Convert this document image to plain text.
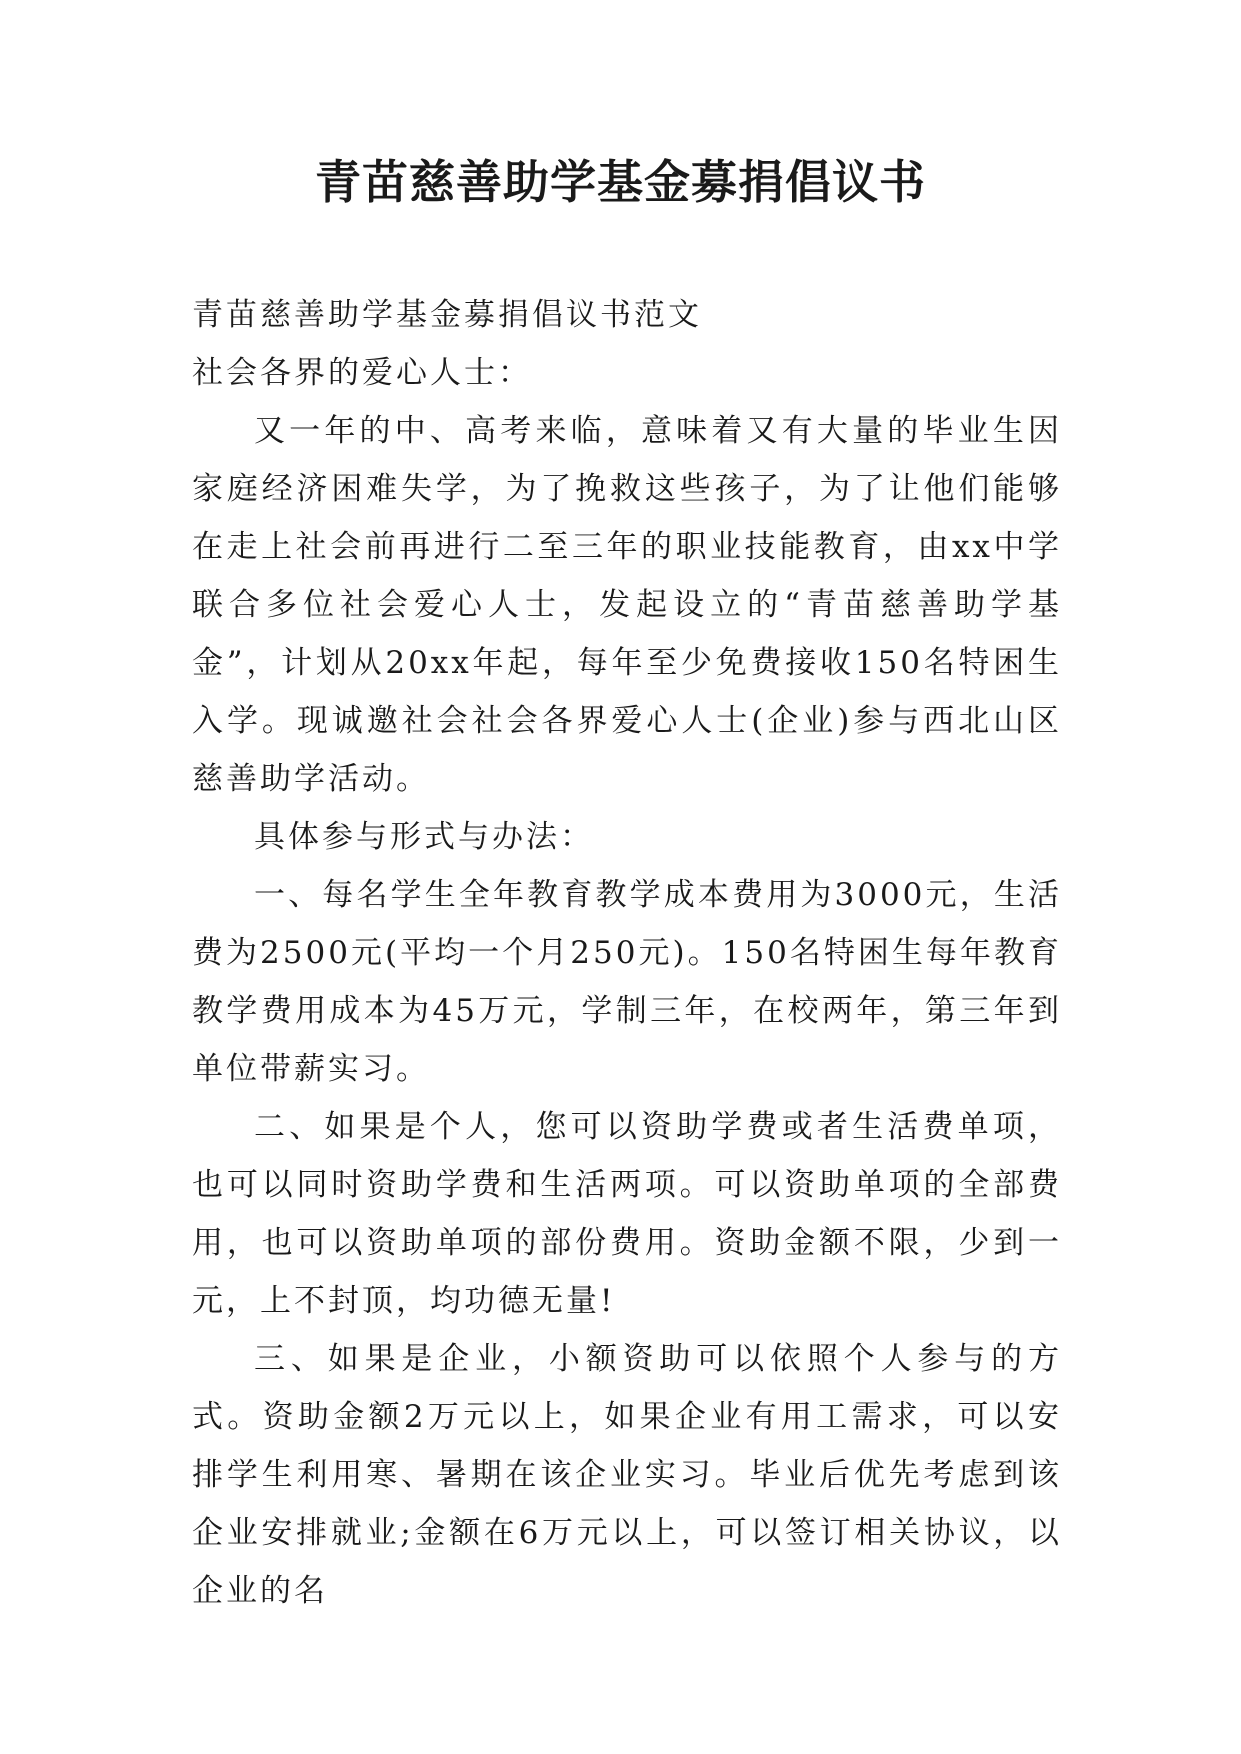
青苗慈善助学基金募捐倡议书

青苗慈善助学基金募捐倡议书范文

社会各界的爱心人士：

又一年的中、高考来临，意味着又有大量的毕业生因家庭经济困难失学，为了挽救这些孩子，为了让他们能够在走上社会前再进行二至三年的职业技能教育，由xx中学联合多位社会爱心人士，发起设立的“青苗慈善助学基金”，计划从20xx年起，每年至少免费接收150名特困生入学。现诚邀社会社会各界爱心人士(企业)参与西北山区慈善助学活动。

具体参与形式与办法：

一、每名学生全年教育教学成本费用为3000元，生活费为2500元(平均一个月250元)。150名特困生每年教育教学费用成本为45万元，学制三年，在校两年，第三年到单位带薪实习。

二、如果是个人，您可以资助学费或者生活费单项，也可以同时资助学费和生活两项。可以资助单项的全部费用，也可以资助单项的部份费用。资助金额不限，少到一元，上不封顶，均功德无量!

三、如果是企业，小额资助可以依照个人参与的方式。资助金额2万元以上，如果企业有用工需求，可以安排学生利用寒、暑期在该企业实习。毕业后优先考虑到该企业安排就业;金额在6万元以上，可以签订相关协议，以企业的名
